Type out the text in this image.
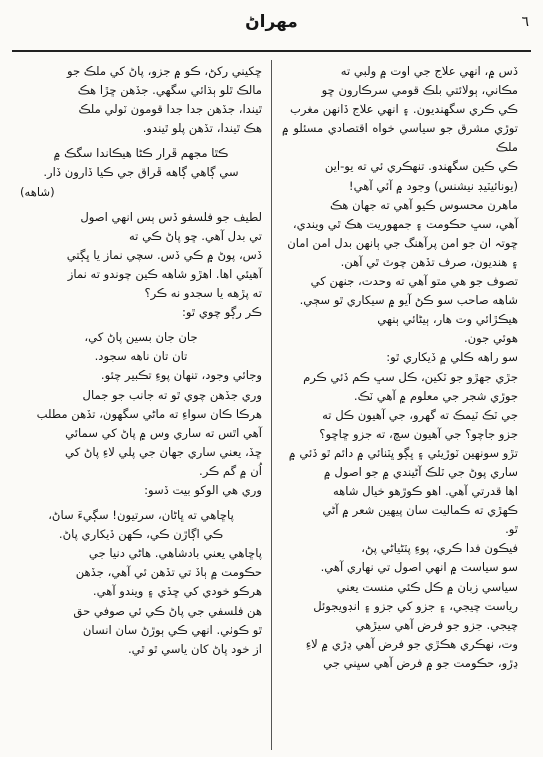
٦
مهراڻ
ڏس ۾، انهي علاج جي اوت ۾ ولبي ته
مڪاني، ٻولائتي بلڪ قومي سرڪارون ڇو
ڪي ڪري سگهنديون. ۽ انهي علاج ڏانهن مغرب
توڙي مشرق جو سياسي خواه اقتصادي مسئلو ۾ ملڪ
ڪي ڪين سگهندو. تنهڪري ئي ته يو-اين
(يونائيٽيڊ نيشنس) وجود ۾ آئي آهي!
ماهرن محسوس ڪيو آهي ته جهان هڪ
آهي، سڀ حڪومت ۽ جمهوريت هڪ ٿي ويندي،
ڇوتہ ان جو امن پرآهنگ جي ٻانهن بدل امن امان
۽ هنديون، صرف تڏهن چوٽ ٿي آهن.
تصوف جو هي متو آهي ته وحدت، جنهن کي
شاهه صاحب سو ڪڻ آيو ۾ سيکاري ٿو سڄي.
هيڪڙائي وت هار، ٻيڻائي ٻنهي
هوئي جون.
سو راهه ڪلي ۾ ڏيکاري ٿو:
جڙي جهڙو جو ٽکين، ڪل سڀ ڪم ڏئي ڪرم
جوڙي شجر جي معلوم ۾ آهي ٽڪ.
جي ٽڪ ٽيمڪ ته گهرو، جي آهيون ڪل ته
جزو جاچو؟ جي آهيون سچ، ته جزو ڇاڇو؟
تڙو سونهين ٽوڙيئي ۽ ڀڳو ڀٽنائي ۾ دائم ٿو ڏئي ۾
ساري پوڻ جي ٽلڪ آڻيندي ۾ جو اصول ۾
اها قدرتي آهي. اهو ڪوڙهو خيال شاهه
ڪهڙي ته ڪماليت سان پيهين شعر ۾ آڻي
ٿو.
فيڪون فدا ڪري، پوءِ پٽڻياڻي پڻ،
سو سياست ۾ انهي اصول تي نهاري آهي.
سياسي زبان ۾ ڪل ڪئي منست يعني
رياست چيجي، ۽ جزو کي جزو ۽ انڊويجوئل
چيجي. جزو جو فرض آهي سيڙهي
وت، نهڪري هڪڙي جو فرض آهي ڍڙي ۾ لاءِ
ڍڙو، حڪومت جو ۾ فرض آهي سڀني جي
ڇکيني رکڻ، ڪو ۾ جزو، پاڻ کي ملڪ جو
مالڪ ٿلو ٻڌائي سگهي. جڏهن ڇڙا هڪ
ٿيندا، جڏهن جدا جدا قومون ٽولي ملڪ
هڪ ٿيندا، تڏهن پلو ٿيندو.
ڪٿا مجهم ڦرار ڪڻا هيڪاندا سگڪ ۾
سي ڳاهي ڳاهه ڦراق جي ڪيا ڏارون ڏار.
(شاهه)
لطيف جو فلسفو ڏس ٻس انهي اصول
تي بدل آهي. ڇو پاڻ ڪي ته
ڏس، پوڻ ۾ ڪي ڏس. سچي نماز يا ڀڳتي
آهيئي اها. اهڙو شاهه ڪين چوندو ته نماز
ته پڙهه يا سجدو نه ڪر؟
ڪر رڳو چوي ٿو:
جان جان بسين پاڻ کي،
تان تان ناهه سجود.
وجائي وجود، تنهان پوءِ تڪبير چئو.
وري جڏهن چوي ٿو ته جانب جو جمال
هرڪا ڪان سواءِ ته ماڻي سگهون، تڏهن مطلب
آهي اٿس ته ساري وس ۾ پاڻ کي سمائي
ڇڏ، يعني ساري جهان جي پلي لاءِ پاڻ کي
اُن ۾ گم ڪر.
وري هي الوکو بيت ڏسو:
پاڇاهي ته ڀاڻان، سرتيون! سڳيءَ ساڻ،
ڪي اڳاڙن ڪي، ڪهن ڏيکاري پاڻ.
پاڇاهي يعني بادشاهي. هاڻي دنيا جي
حڪومت ۾ ٻاڏ تي تڏهن ئي آهي، جڏهن
هرڪو خودي کي ڇڏي ۽ ويندو آهي.
هن فلسفي جي پاڻ ڪي ئي صوفي حق
ٿو ڪوٺي. انهي ڪي ٻوڙڻ سان انسان
از خود پاڻ کان ياسي ٿو ٿي.
